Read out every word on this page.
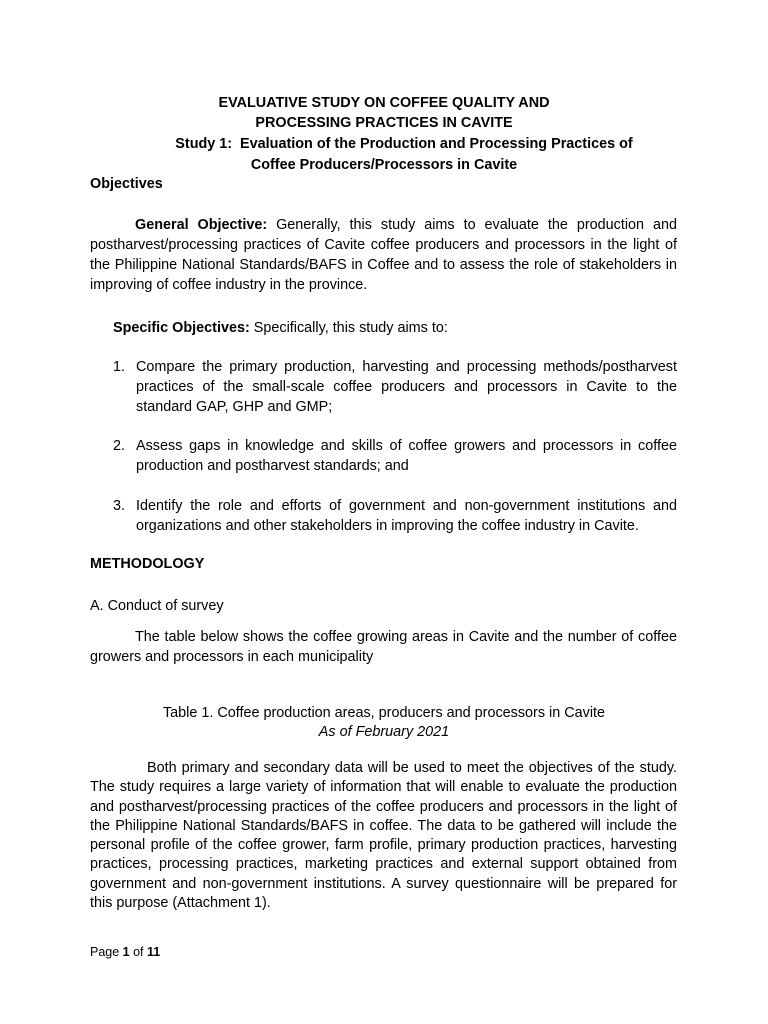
EVALUATIVE STUDY ON COFFEE QUALITY AND
PROCESSING PRACTICES IN CAVITE
Study 1:  Evaluation of the Production and Processing Practices of
Coffee Producers/Processors in Cavite
Objectives
General Objective: Generally, this study aims to evaluate the production and postharvest/processing practices of Cavite coffee producers and processors in the light of the Philippine National Standards/BAFS in Coffee and to assess the role of stakeholders in improving of coffee industry in the province.
Specific Objectives: Specifically, this study aims to:
1. Compare the primary production, harvesting and processing methods/postharvest practices of the small-scale coffee producers and processors in Cavite to the standard GAP, GHP and GMP;
2. Assess gaps in knowledge and skills of coffee growers and processors in coffee production and postharvest standards; and
3. Identify the role and efforts of government and non-government institutions and organizations and other stakeholders in improving the coffee industry in Cavite.
METHODOLOGY
A. Conduct of survey
The table below shows the coffee growing areas in Cavite and the number of coffee growers and processors in each municipality
Table 1. Coffee production areas, producers and processors in Cavite
As of February 2021
Both primary and secondary data will be used to meet the objectives of the study. The study requires a large variety of information that will enable to evaluate the production and postharvest/processing practices of the coffee producers and processors in the light of the Philippine National Standards/BAFS in coffee. The data to be gathered will include the personal profile of the coffee grower, farm profile, primary production practices, harvesting practices, processing practices, marketing practices and external support obtained from government and non-government institutions. A survey questionnaire will be prepared for this purpose (Attachment 1).
Page 1 of 11
